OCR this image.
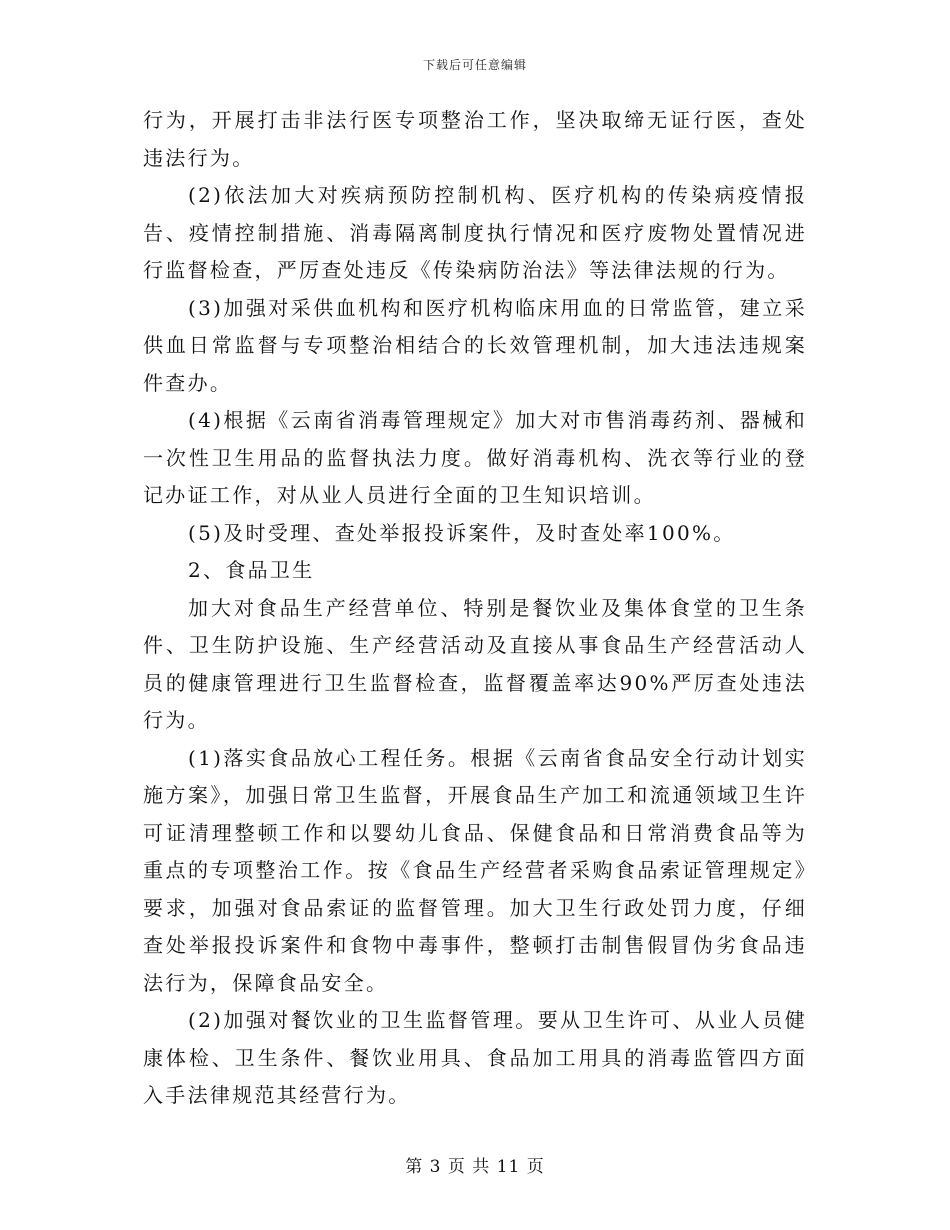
下载后可任意编辑

行为，开展打击非法行医专项整治工作，坚决取缔无证行医，查处违法行为。

(2)依法加大对疾病预防控制机构、医疗机构的传染病疫情报告、疫情控制措施、消毒隔离制度执行情况和医疗废物处置情况进行监督检查，严厉查处违反《传染病防治法》等法律法规的行为。

(3)加强对采供血机构和医疗机构临床用血的日常监管，建立采供血日常监督与专项整治相结合的长效管理机制，加大违法违规案件查办。

(4)根据《云南省消毒管理规定》加大对市售消毒药剂、器械和一次性卫生用品的监督执法力度。做好消毒机构、洗衣等行业的登记办证工作，对从业人员进行全面的卫生知识培训。

(5)及时受理、查处举报投诉案件，及时查处率100%。

2、食品卫生

加大对食品生产经营单位、特别是餐饮业及集体食堂的卫生条件、卫生防护设施、生产经营活动及直接从事食品生产经营活动人员的健康管理进行卫生监督检查，监督覆盖率达90%严厉查处违法行为。

(1)落实食品放心工程任务。根据《云南省食品安全行动计划实施方案》，加强日常卫生监督，开展食品生产加工和流通领域卫生许可证清理整顿工作和以婴幼儿食品、保健食品和日常消费食品等为重点的专项整治工作。按《食品生产经营者采购食品索证管理规定》要求，加强对食品索证的监督管理。加大卫生行政处罚力度，仔细查处举报投诉案件和食物中毒事件，整顿打击制售假冒伪劣食品违法行为，保障食品安全。

(2)加强对餐饮业的卫生监督管理。要从卫生许可、从业人员健康体检、卫生条件、餐饮业用具、食品加工用具的消毒监管四方面入手法律规范其经营行为。

第 3 页 共 11 页
